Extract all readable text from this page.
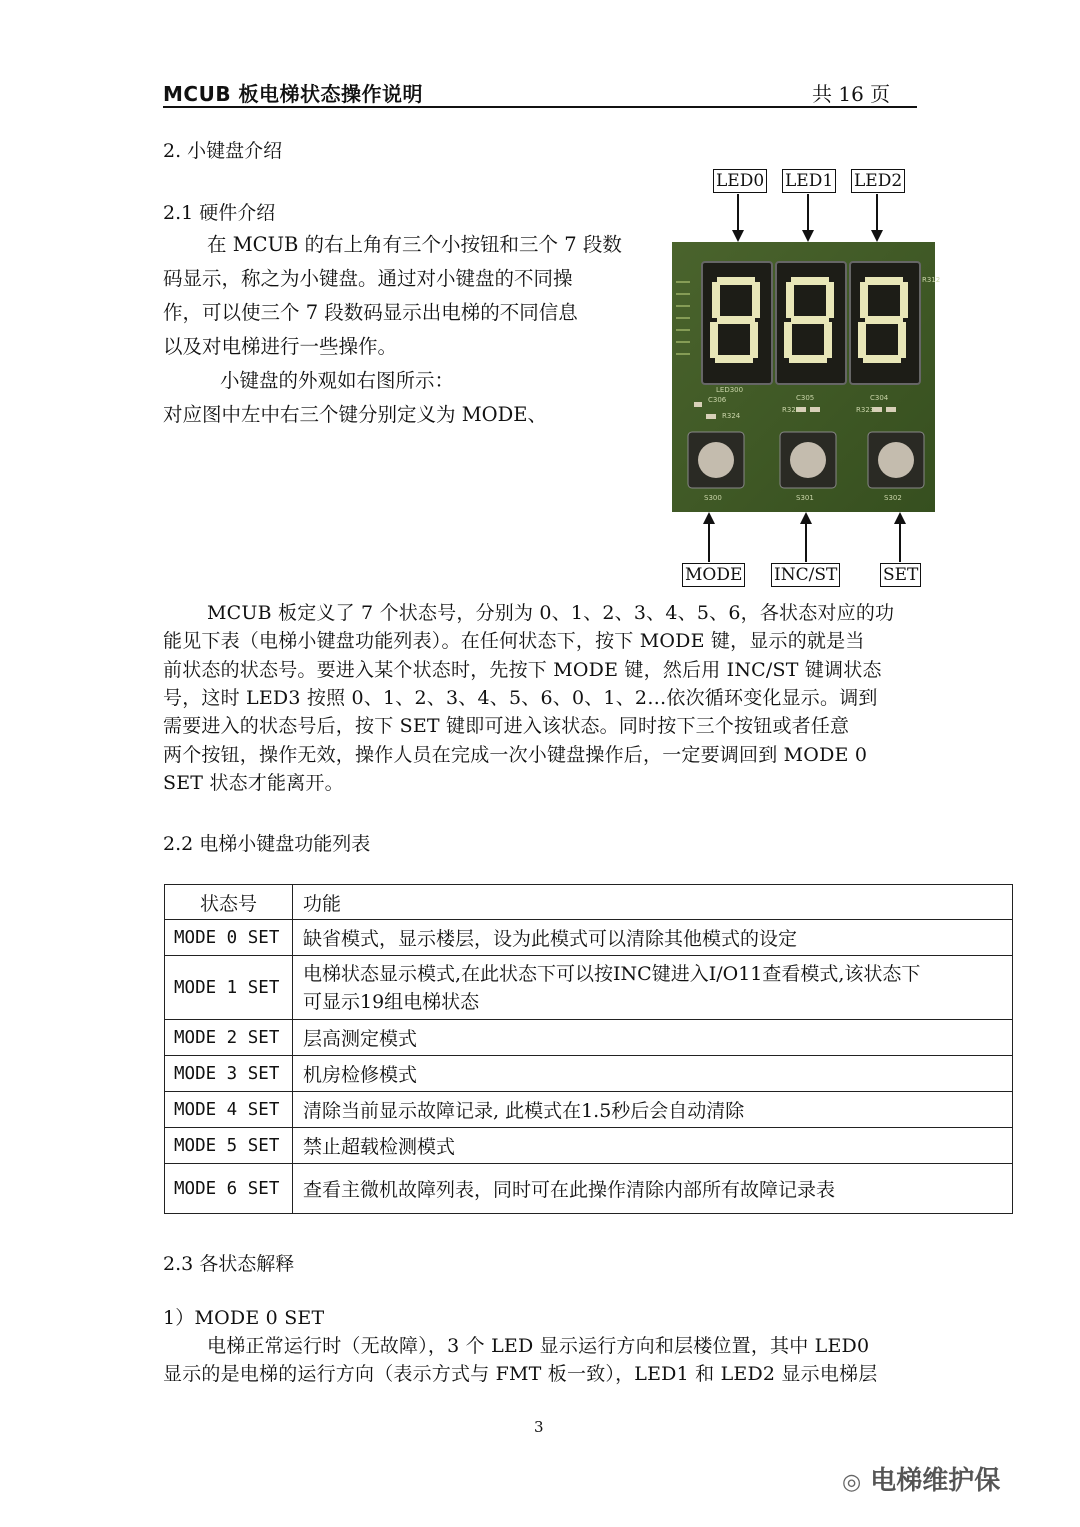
MCUB 板电梯状态操作说明	共 16 页
2. 小键盘介绍
2.1 硬件介绍
在 MCUB 的右上角有三个小按钮和三个 7 段数
码显示，称之为小键盘。通过对小键盘的不同操
作，可以使三个 7 段数码显示出电梯的不同信息
以及对电梯进行一些操作。
小键盘的外观如右图所示：
对应图中左中右三个键分别定义为 MODE、
LED0 LED1 LED2
LED300
C306
R324
C305
R325
C304
R323
R312
S300	S301	S302
MODE INC/ST	SET
MCUB 板定义了 7 个状态号，分别为 0、1、2、3、4、5、6，各状态对应的功
能见下表（电梯小键盘功能列表）。在任何状态下，按下 MODE 键，显示的就是当
前状态的状态号。要进入某个状态时，先按下 MODE 键，然后用 INC/ST 键调状态
号，这时 LED3 按照 0、1、2、3、4、5、6、0、1、2…依次循环变化显示。调到
需要进入的状态号后，按下 SET 键即可进入该状态。同时按下三个按钮或者任意
两个按钮，操作无效，操作人员在完成一次小键盘操作后，一定要调回到 MODE 0
SET 状态才能离开。
2.2 电梯小键盘功能列表
状态号	功能
MODE 0 SET	缺省模式，显示楼层，设为此模式可以清除其他模式的设定
MODE 1 SET	电梯状态显示模式,在此状态下可以按INC键进入I/O11查看模式,该状态下
可显示19组电梯状态

MODE 2 SET	层高测定模式
MODE 3 SET	机房检修模式
MODE 4 SET	清除当前显示故障记录, 此模式在1.5秒后会自动清除
MODE 5 SET	禁止超载检测模式
MODE 6 SET	查看主微机故障列表，同时可在此操作清除内部所有故障记录表
2.3 各状态解释
1）MODE 0 SET
电梯正常运行时（无故障），3 个 LED 显示运行方向和层楼位置，其中 LED0
显示的是电梯的运行方向（表示方式与 FMT 板一致），LED1 和 LED2 显示电梯层
3
◎ 电梯维护保
